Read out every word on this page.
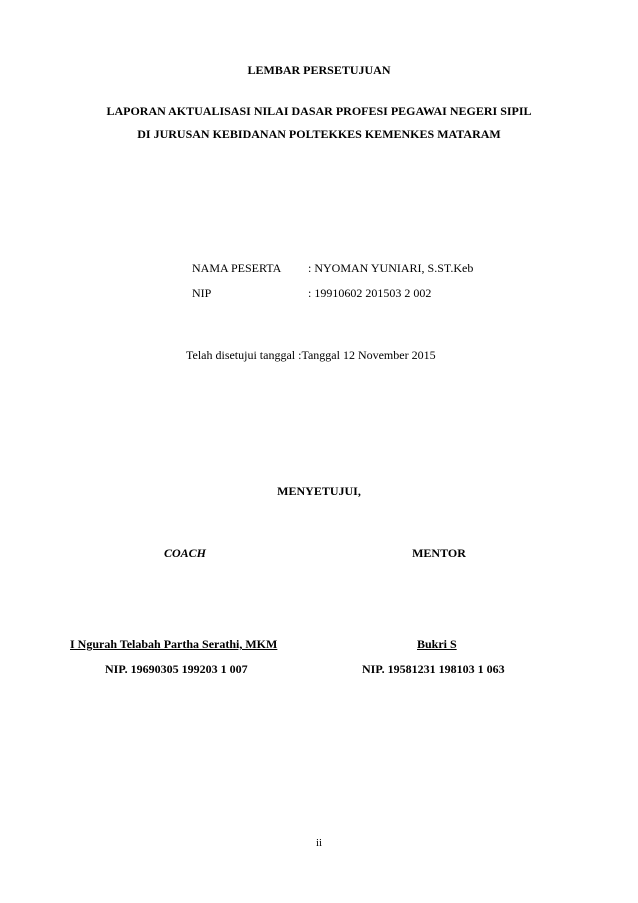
LEMBAR PERSETUJUAN
LAPORAN AKTUALISASI NILAI DASAR PROFESI PEGAWAI NEGERI SIPIL
DI JURUSAN KEBIDANAN POLTEKKES KEMENKES MATARAM
NAMA PESERTA : NYOMAN YUNIARI, S.ST.Keb
NIP	: 19910602 201503 2 002
Telah disetujui tanggal :Tanggal 12 November 2015
MENYETUJUI,
COACH	MENTOR
I Ngurah Telabah Partha Serathi, MKM	Bukri S
NIP. 19690305 199203 1 007	NIP. 19581231 198103 1 063
ii
